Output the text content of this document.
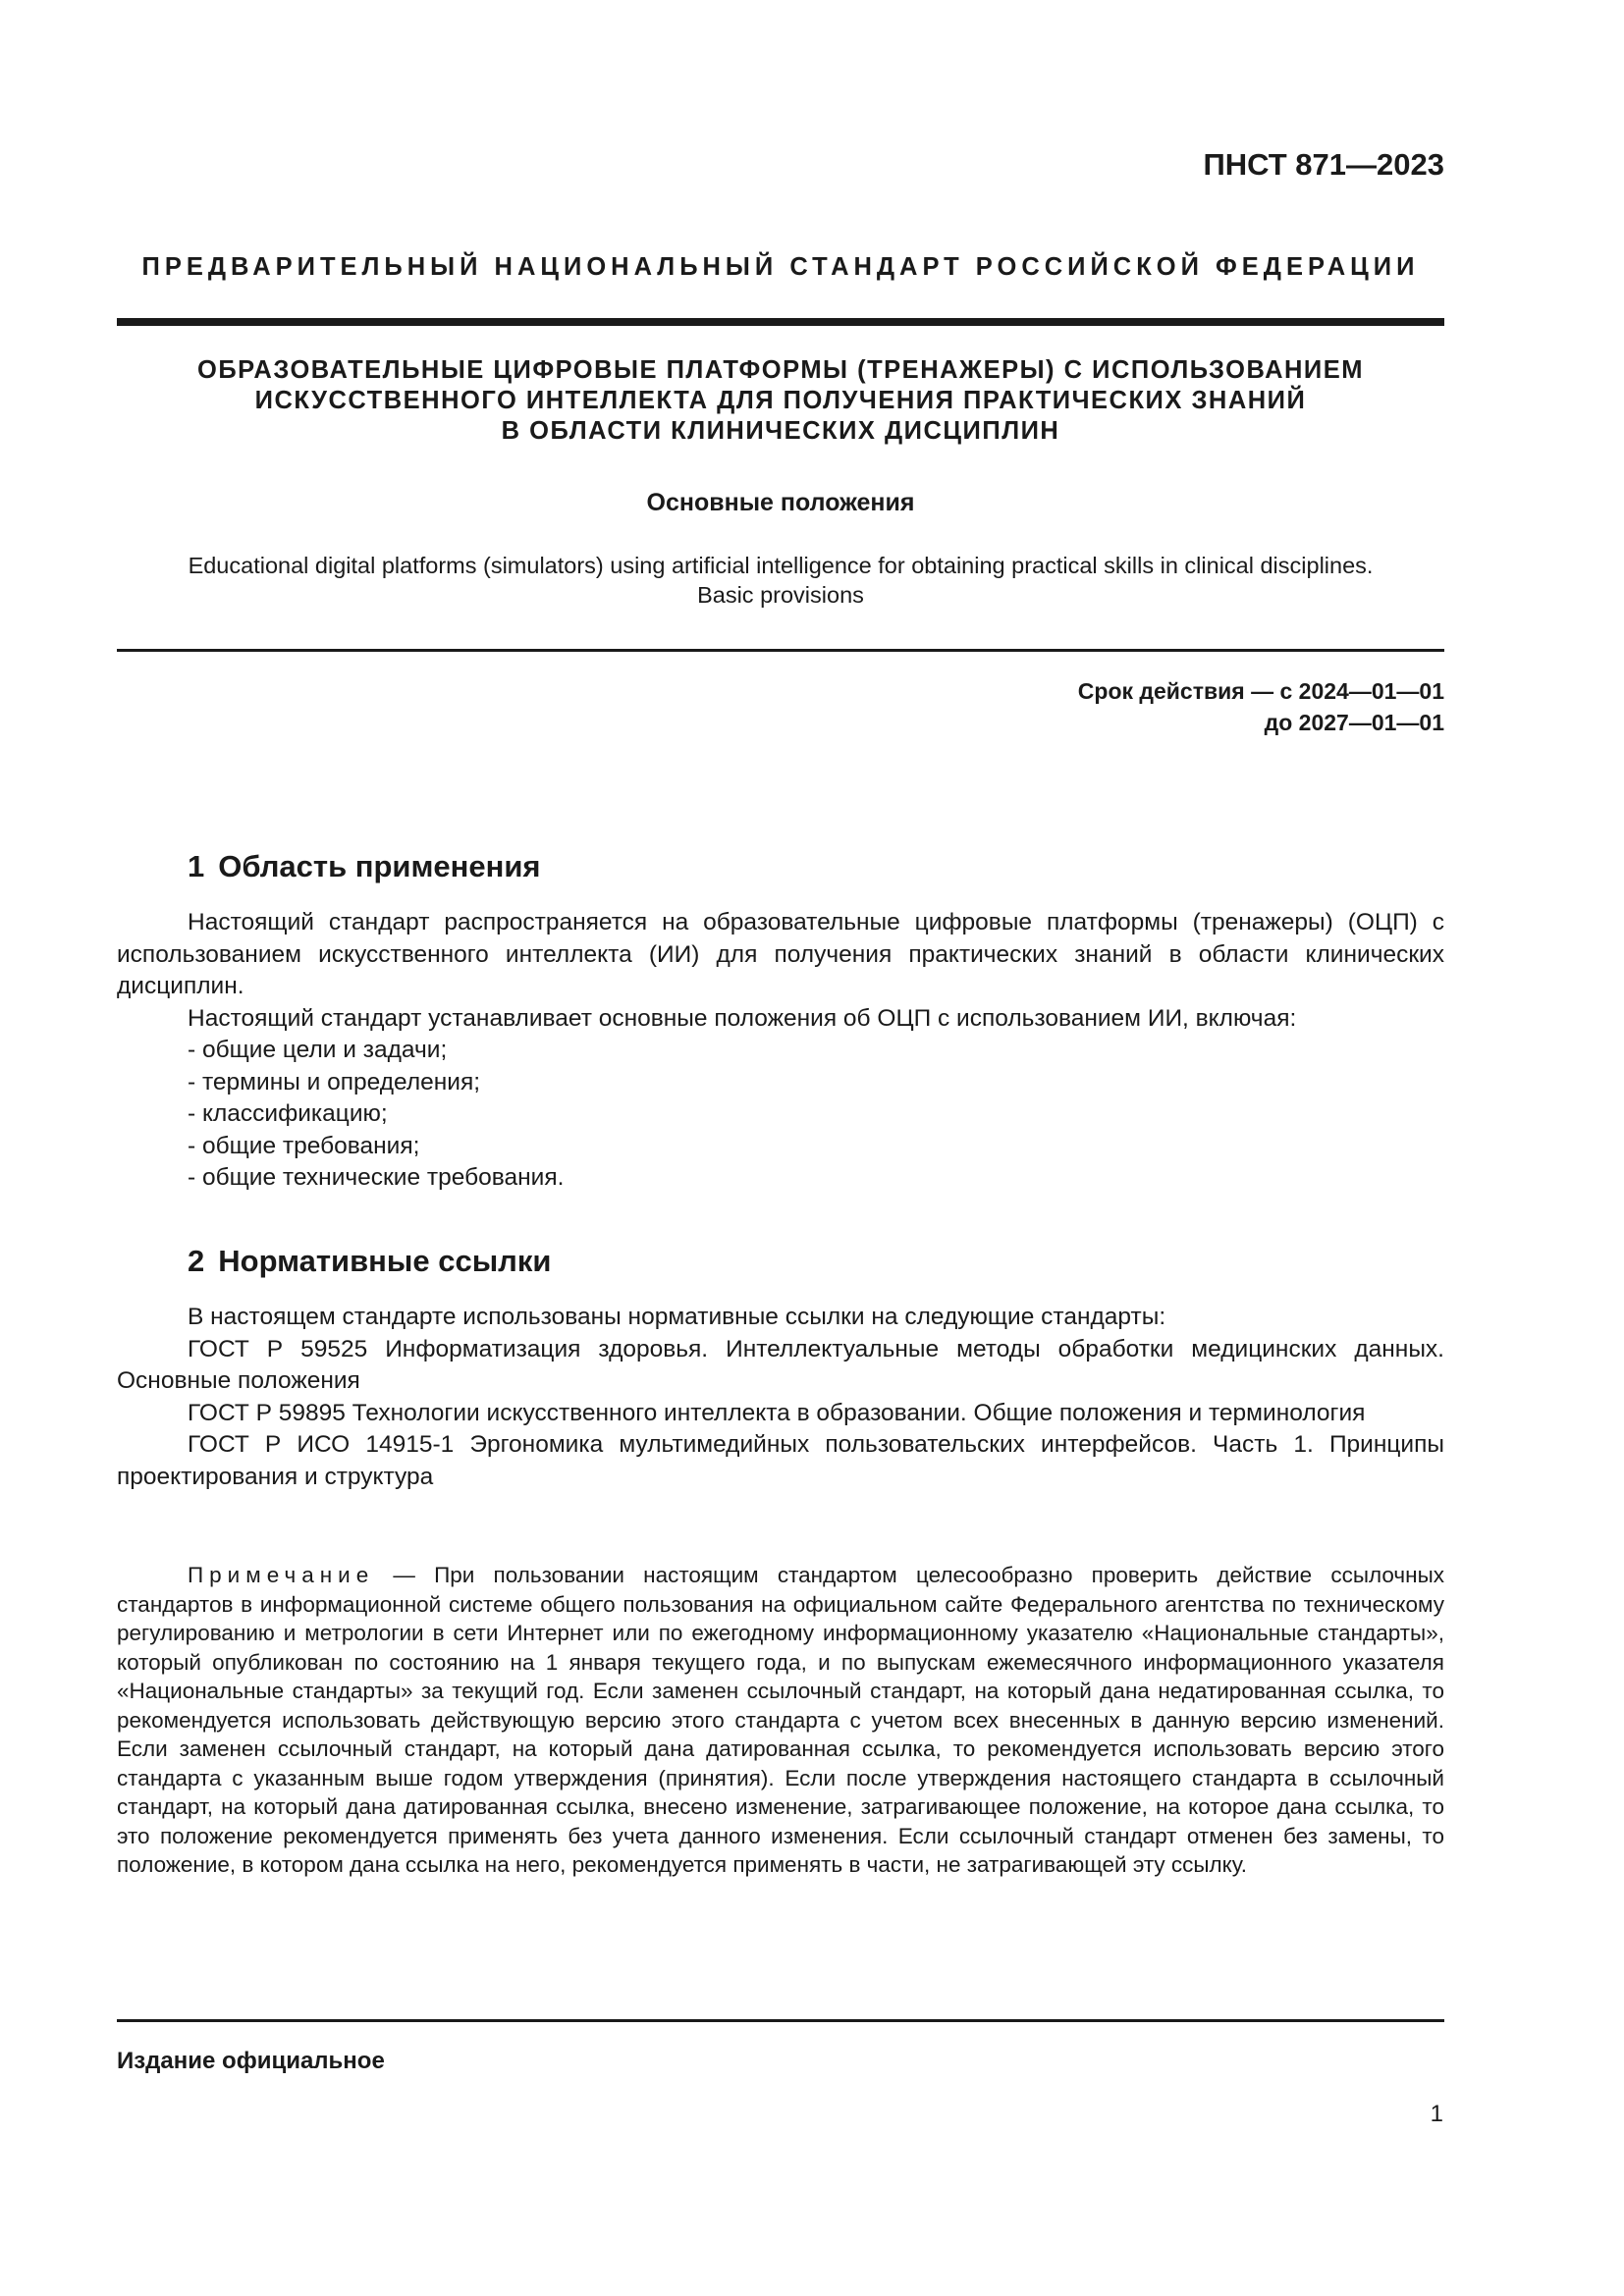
ПНСТ 871—2023
ПРЕДВАРИТЕЛЬНЫЙ НАЦИОНАЛЬНЫЙ СТАНДАРТ РОССИЙСКОЙ ФЕДЕРАЦИИ
ОБРАЗОВАТЕЛЬНЫЕ ЦИФРОВЫЕ ПЛАТФОРМЫ (ТРЕНАЖЕРЫ) С ИСПОЛЬЗОВАНИЕМ
ИСКУССТВЕННОГО ИНТЕЛЛЕКТА ДЛЯ ПОЛУЧЕНИЯ ПРАКТИЧЕСКИХ ЗНАНИЙ
В ОБЛАСТИ КЛИНИЧЕСКИХ ДИСЦИПЛИН
Основные положения
Educational digital platforms (simulators) using artificial intelligence for obtaining practical skills in clinical disciplines.
Basic provisions
Срок действия — с 2024—01—01
до 2027—01—01
1 Область применения

Настоящий стандарт распространяется на образовательные цифровые платформы (тренажеры) (ОЦП) с использованием искусственного интеллекта (ИИ) для получения практических знаний в области клинических дисциплин.

Настоящий стандарт устанавливает основные положения об ОЦП с использованием ИИ, включая:

- общие цели и задачи;
- термины и определения;
- классификацию;
- общие требования;
- общие технические требования.
2 Нормативные ссылки

В настоящем стандарте использованы нормативные ссылки на следующие стандарты:

ГОСТ Р 59525 Информатизация здоровья. Интеллектуальные методы обработки медицинских данных. Основные положения

ГОСТ Р 59895 Технологии искусственного интеллекта в образовании. Общие положения и терминология

ГОСТ Р ИСО 14915-1 Эргономика мультимедийных пользовательских интерфейсов. Часть 1. Принципы проектирования и структура

Примечание — При пользовании настоящим стандартом целесообразно проверить действие ссылочных стандартов в информационной системе общего пользования на официальном сайте Федерального агентства по техническому регулированию и метрологии в сети Интернет или по ежегодному информационному указателю «Национальные стандарты», который опубликован по состоянию на 1 января текущего года, и по выпускам ежемесячного информационного указателя «Национальные стандарты» за текущий год. Если заменен ссылочный стандарт, на который дана недатированная ссылка, то рекомендуется использовать действующую версию этого стандарта с учетом всех внесенных в данную версию изменений. Если заменен ссылочный стандарт, на который дана датированная ссылка, то рекомендуется использовать версию этого стандарта с указанным выше годом утверждения (принятия). Если после утверждения настоящего стандарта в ссылочный стандарт, на который дана датированная ссылка, внесено изменение, затрагивающее положение, на которое дана ссылка, то это положение рекомендуется применять без учета данного изменения. Если ссылочный стандарт отменен без замены, то положение, в котором дана ссылка на него, рекомендуется применять в части, не затрагивающей эту ссылку.

Издание официальное
1
